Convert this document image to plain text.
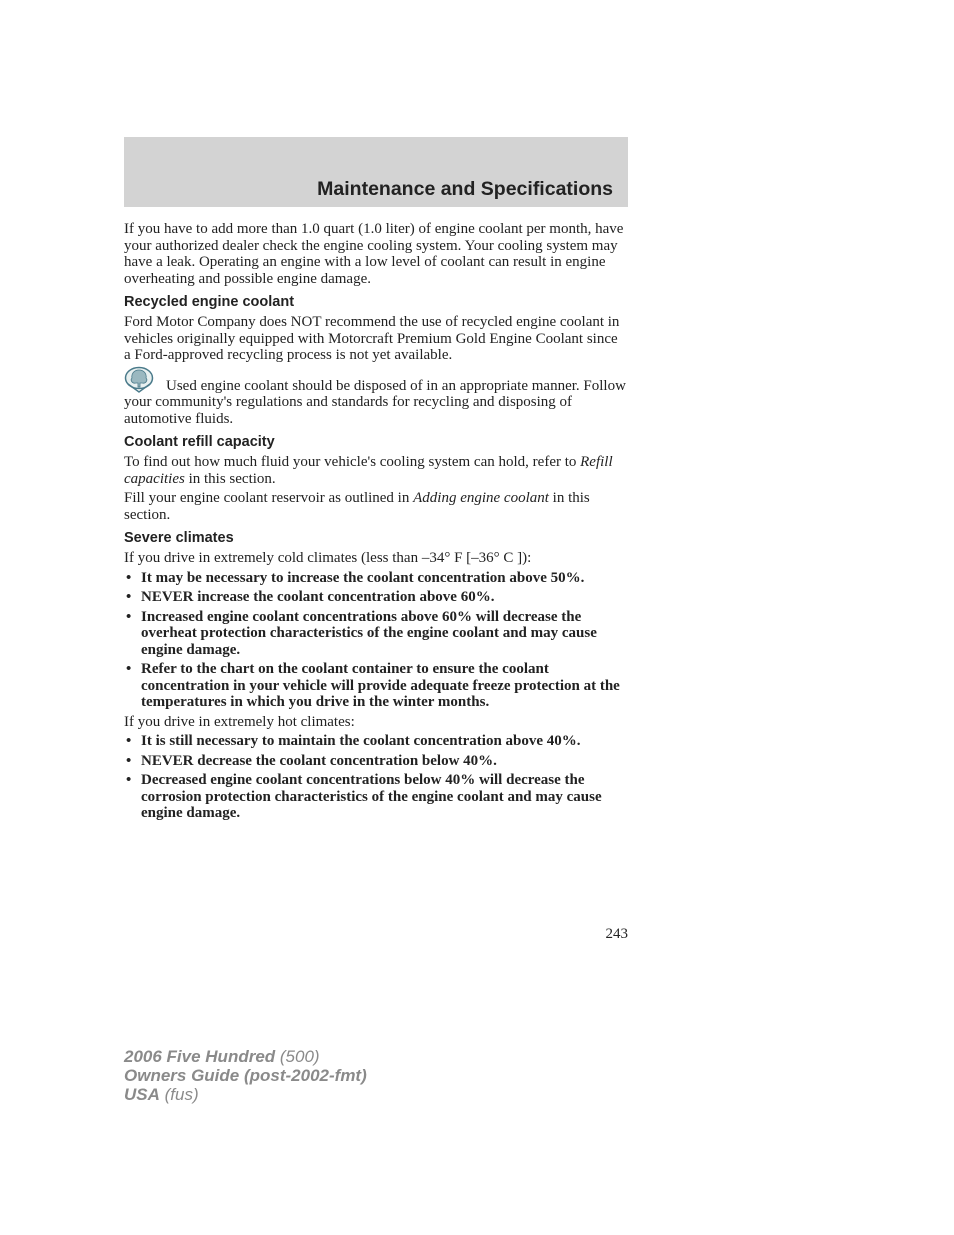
Maintenance and Specifications

If you have to add more than 1.0 quart (1.0 liter) of engine coolant per month, have your authorized dealer check the engine cooling system. Your cooling system may have a leak. Operating an engine with a low level of coolant can result in engine overheating and possible engine damage.

Recycled engine coolant

Ford Motor Company does NOT recommend the use of recycled engine coolant in vehicles originally equipped with Motorcraft Premium Gold Engine Coolant since a Ford-approved recycling process is not yet available.

Used engine coolant should be disposed of in an appropriate manner. Follow your community's regulations and standards for recycling and disposing of automotive fluids.

Coolant refill capacity

To find out how much fluid your vehicle's cooling system can hold, refer to Refill capacities in this section.

Fill your engine coolant reservoir as outlined in Adding engine coolant in this section.

Severe climates

If you drive in extremely cold climates (less than –34° F [–36° C ]):

• It may be necessary to increase the coolant concentration above 50%.
• NEVER increase the coolant concentration above 60%.
• Increased engine coolant concentrations above 60% will decrease the overheat protection characteristics of the engine coolant and may cause engine damage.
• Refer to the chart on the coolant container to ensure the coolant concentration in your vehicle will provide adequate freeze protection at the temperatures in which you drive in the winter months.

If you drive in extremely hot climates:

• It is still necessary to maintain the coolant concentration above 40%.
• NEVER decrease the coolant concentration below 40%.
• Decreased engine coolant concentrations below 40% will decrease the corrosion protection characteristics of the engine coolant and may cause engine damage.
243
2006 Five Hundred (500)
Owners Guide (post-2002-fmt)
USA (fus)
